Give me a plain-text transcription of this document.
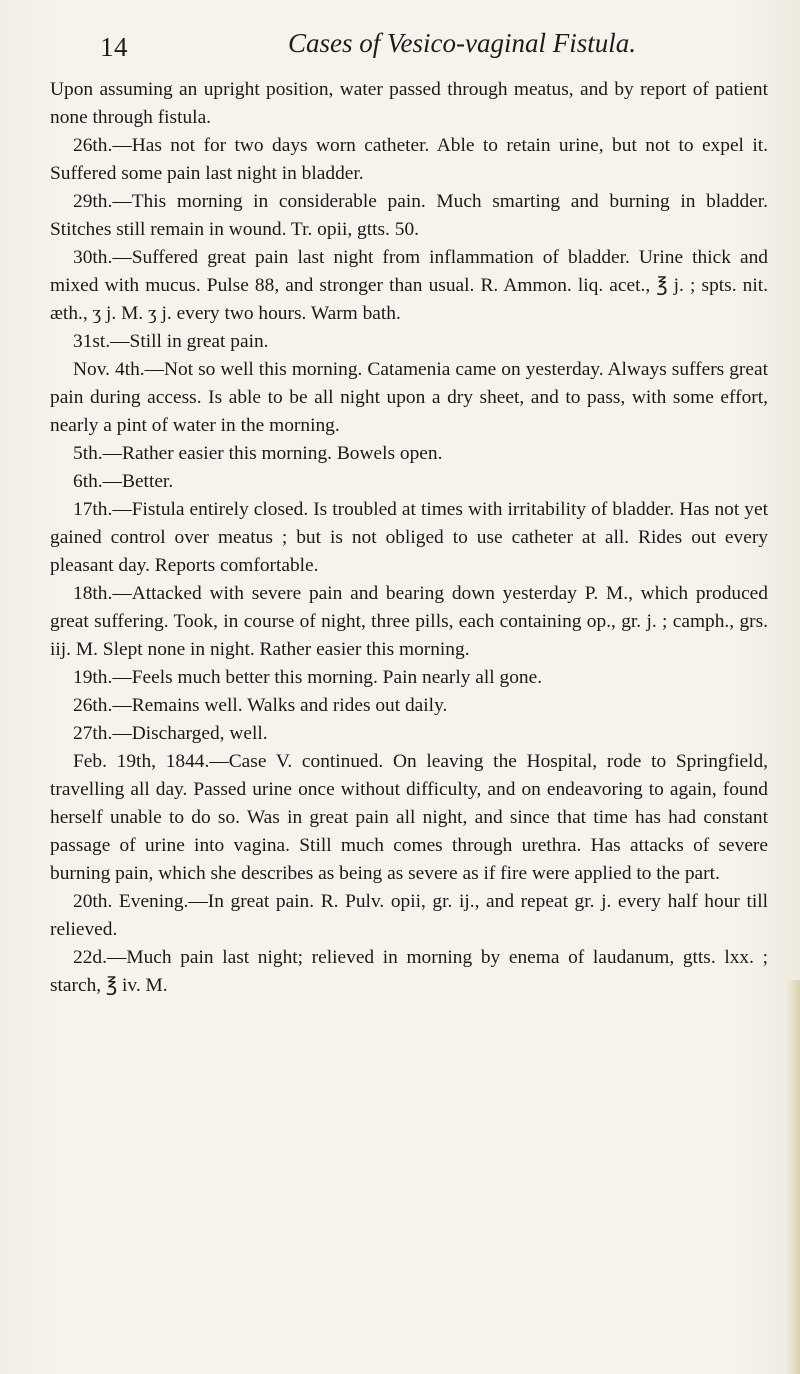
14	Cases of Vesico-vaginal Fistula.

Upon assuming an upright position, water passed through meatus, and by report of patient none through fistula.

26th.—Has not for two days worn catheter. Able to retain urine, but not to expel it. Suffered some pain last night in bladder.

29th.—This morning in considerable pain. Much smarting and burning in bladder. Stitches still remain in wound. Tr. opii, gtts. 50.

30th.—Suffered great pain last night from inflammation of bladder. Urine thick and mixed with mucus. Pulse 88, and stronger than usual. R. Ammon. liq. acet., ℥ j. ; spts. nit. æth., ʒ j. M. ʒ j. every two hours. Warm bath.

31st.—Still in great pain.

Nov. 4th.—Not so well this morning. Catamenia came on yesterday. Always suffers great pain during access. Is able to be all night upon a dry sheet, and to pass, with some effort, nearly a pint of water in the morning.

5th.—Rather easier this morning. Bowels open.

6th.—Better.

17th.—Fistula entirely closed. Is troubled at times with irritability of bladder. Has not yet gained control over meatus ; but is not obliged to use catheter at all. Rides out every pleasant day. Reports comfortable.

18th.—Attacked with severe pain and bearing down yesterday P. M., which produced great suffering. Took, in course of night, three pills, each containing op., gr. j. ; camph., grs. iij. M. Slept none in night. Rather easier this morning.

19th.—Feels much better this morning. Pain nearly all gone.

26th.—Remains well. Walks and rides out daily.

27th.—Discharged, well.

Feb. 19th, 1844.—Case V. continued. On leaving the Hospital, rode to Springfield, travelling all day. Passed urine once without difficulty, and on endeavoring to again, found herself unable to do so. Was in great pain all night, and since that time has had constant passage of urine into vagina. Still much comes through urethra. Has attacks of severe burning pain, which she describes as being as severe as if fire were applied to the part.

20th. Evening.—In great pain. R. Pulv. opii, gr. ij., and repeat gr. j. every half hour till relieved.

22d.—Much pain last night; relieved in morning by enema of laudanum, gtts. lxx. ; starch, ℥ iv. M.
